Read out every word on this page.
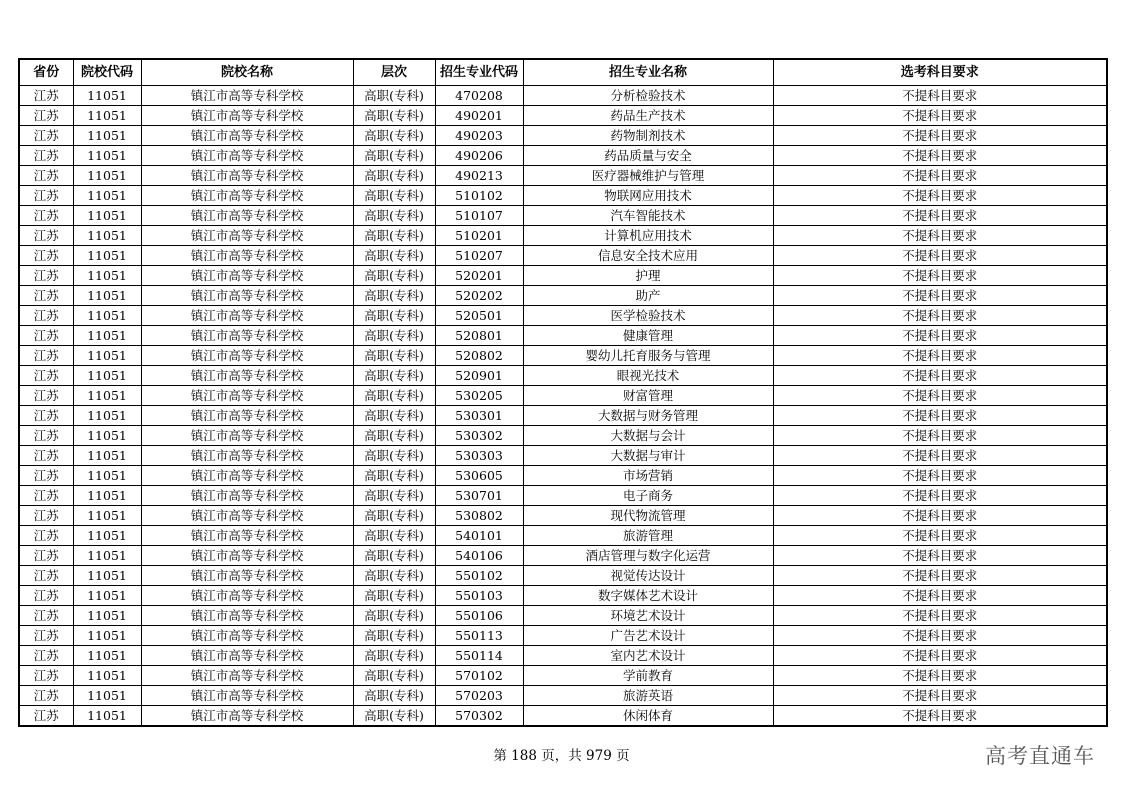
省份	院校代码	院校名称	层次	招生专业代码	招生专业名称	选考科目要求
江苏	11051	镇江市高等专科学校	高职(专科)	470208	分析检验技术	不提科目要求
江苏	11051	镇江市高等专科学校	高职(专科)	490201	药品生产技术	不提科目要求
江苏	11051	镇江市高等专科学校	高职(专科)	490203	药物制剂技术	不提科目要求
江苏	11051	镇江市高等专科学校	高职(专科)	490206	药品质量与安全	不提科目要求
江苏	11051	镇江市高等专科学校	高职(专科)	490213	医疗器械维护与管理	不提科目要求
江苏	11051	镇江市高等专科学校	高职(专科)	510102	物联网应用技术	不提科目要求
江苏	11051	镇江市高等专科学校	高职(专科)	510107	汽车智能技术	不提科目要求
江苏	11051	镇江市高等专科学校	高职(专科)	510201	计算机应用技术	不提科目要求
江苏	11051	镇江市高等专科学校	高职(专科)	510207	信息安全技术应用	不提科目要求
江苏	11051	镇江市高等专科学校	高职(专科)	520201	护理	不提科目要求
江苏	11051	镇江市高等专科学校	高职(专科)	520202	助产	不提科目要求
江苏	11051	镇江市高等专科学校	高职(专科)	520501	医学检验技术	不提科目要求
江苏	11051	镇江市高等专科学校	高职(专科)	520801	健康管理	不提科目要求
江苏	11051	镇江市高等专科学校	高职(专科)	520802	婴幼儿托育服务与管理	不提科目要求
江苏	11051	镇江市高等专科学校	高职(专科)	520901	眼视光技术	不提科目要求
江苏	11051	镇江市高等专科学校	高职(专科)	530205	财富管理	不提科目要求
江苏	11051	镇江市高等专科学校	高职(专科)	530301	大数据与财务管理	不提科目要求
江苏	11051	镇江市高等专科学校	高职(专科)	530302	大数据与会计	不提科目要求
江苏	11051	镇江市高等专科学校	高职(专科)	530303	大数据与审计	不提科目要求
江苏	11051	镇江市高等专科学校	高职(专科)	530605	市场营销	不提科目要求
江苏	11051	镇江市高等专科学校	高职(专科)	530701	电子商务	不提科目要求
江苏	11051	镇江市高等专科学校	高职(专科)	530802	现代物流管理	不提科目要求
江苏	11051	镇江市高等专科学校	高职(专科)	540101	旅游管理	不提科目要求
江苏	11051	镇江市高等专科学校	高职(专科)	540106	酒店管理与数字化运营	不提科目要求
江苏	11051	镇江市高等专科学校	高职(专科)	550102	视觉传达设计	不提科目要求
江苏	11051	镇江市高等专科学校	高职(专科)	550103	数字媒体艺术设计	不提科目要求
江苏	11051	镇江市高等专科学校	高职(专科)	550106	环境艺术设计	不提科目要求
江苏	11051	镇江市高等专科学校	高职(专科)	550113	广告艺术设计	不提科目要求
江苏	11051	镇江市高等专科学校	高职(专科)	550114	室内艺术设计	不提科目要求
江苏	11051	镇江市高等专科学校	高职(专科)	570102	学前教育	不提科目要求
江苏	11051	镇江市高等专科学校	高职(专科)	570203	旅游英语	不提科目要求
江苏	11051	镇江市高等专科学校	高职(专科)	570302	休闲体育	不提科目要求
第 188 页，共 979 页	高考直通车
